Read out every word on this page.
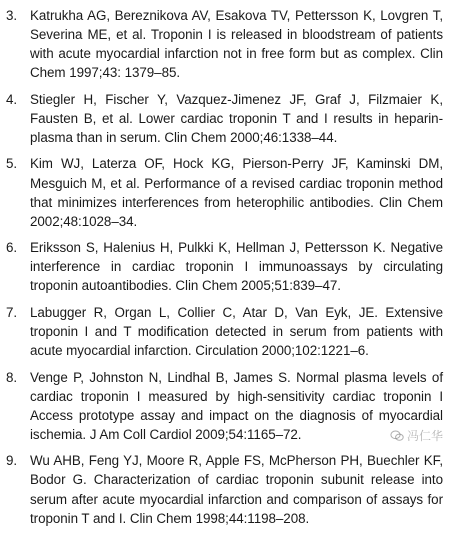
3. Katrukha AG, Bereznikova AV, Esakova TV, Pettersson K, Lovgren T, Severina ME, et al. Troponin I is released in bloodstream of patients with acute myocardial infarction not in free form but as complex. Clin Chem 1997;43: 1379–85.
4. Stiegler H, Fischer Y, Vazquez-Jimenez JF, Graf J, Filzmaier K, Fausten B, et al. Lower cardiac troponin T and I results in heparin-plasma than in serum. Clin Chem 2000;46:1338–44.
5. Kim WJ, Laterza OF, Hock KG, Pierson-Perry JF, Kaminski DM, Mesguich M, et al. Performance of a revised cardiac troponin method that minimizes interferences from heterophilic antibodies. Clin Chem 2002;48:1028–34.
6. Eriksson S, Halenius H, Pulkki K, Hellman J, Pettersson K. Negative interference in cardiac troponin I immunoassays by circulating troponin autoantibodies. Clin Chem 2005;51:839–47.
7. Labugger R, Organ L, Collier C, Atar D, Van Eyk, JE. Extensive troponin I and T modification detected in serum from patients with acute myocardial infarction. Circulation 2000;102:1221–6.
8. Venge P, Johnston N, Lindhal B, James S. Normal plasma levels of cardiac troponin I measured by high-sensitivity cardiac troponin I Access prototype assay and impact on the diagnosis of myocardial ischemia. J Am Coll Cardiol 2009;54:1165–72.
9. Wu AHB, Feng YJ, Moore R, Apple FS, McPherson PH, Buechler KF, Bodor G. Characterization of cardiac troponin subunit release into serum after acute myocardial infarction and comparison of assays for troponin T and I. Clin Chem 1998;44:1198–208.
冯仁华
